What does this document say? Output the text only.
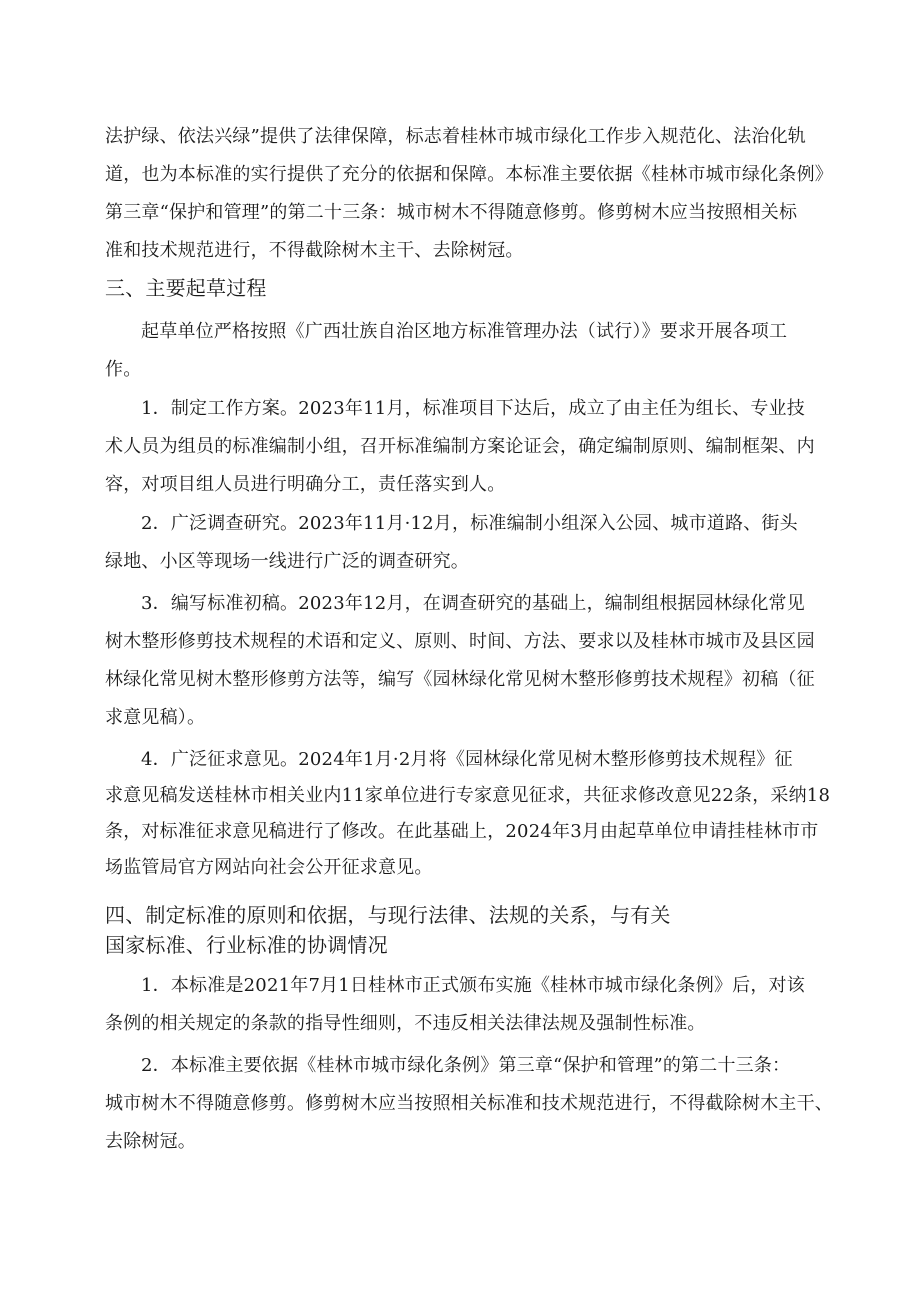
法护绿、依法兴绿”提供了法律保障，标志着桂林市城市绿化工作步入规范化、法治化轨
道，也为本标准的实行提供了充分的依据和保障。本标准主要依据《桂林市城市绿化条例》
第三章“保护和管理”的第二十三条：城市树木不得随意修剪。修剪树木应当按照相关标
准和技术规范进行，不得截除树木主干、去除树冠。
三、主要起草过程
起草单位严格按照《广西壮族自治区地方标准管理办法（试行）》要求开展各项工
作。
1．制定工作方案。2023年11月，标准项目下达后，成立了由主任为组长、专业技
术人员为组员的标准编制小组，召开标准编制方案论证会，确定编制原则、编制框架、内
容，对项目组人员进行明确分工，责任落实到人。
2．广泛调查研究。2023年11月·12月，标准编制小组深入公园、城市道路、街头
绿地、小区等现场一线进行广泛的调查研究。
3．编写标准初稿。2023年12月，在调查研究的基础上，编制组根据园林绿化常见
树木整形修剪技术规程的术语和定义、原则、时间、方法、要求以及桂林市城市及县区园
林绿化常见树木整形修剪方法等，编写《园林绿化常见树木整形修剪技术规程》初稿（征
求意见稿）。
4．广泛征求意见。2024年1月·2月将《园林绿化常见树木整形修剪技术规程》征
求意见稿发送桂林市相关业内11家单位进行专家意见征求，共征求修改意见22条，采纳18
条，对标准征求意见稿进行了修改。在此基础上，2024年3月由起草单位申请挂桂林市市
场监管局官方网站向社会公开征求意见。
四、制定标准的原则和依据，与现行法律、法规的关系，与有关
国家标准、行业标准的协调情况
1．本标准是2021年7月1日桂林市正式颁布实施《桂林市城市绿化条例》后，对该
条例的相关规定的条款的指导性细则，不违反相关法律法规及强制性标准。
2．本标准主要依据《桂林市城市绿化条例》第三章“保护和管理”的第二十三条：
城市树木不得随意修剪。修剪树木应当按照相关标准和技术规范进行，不得截除树木主干、
去除树冠。
